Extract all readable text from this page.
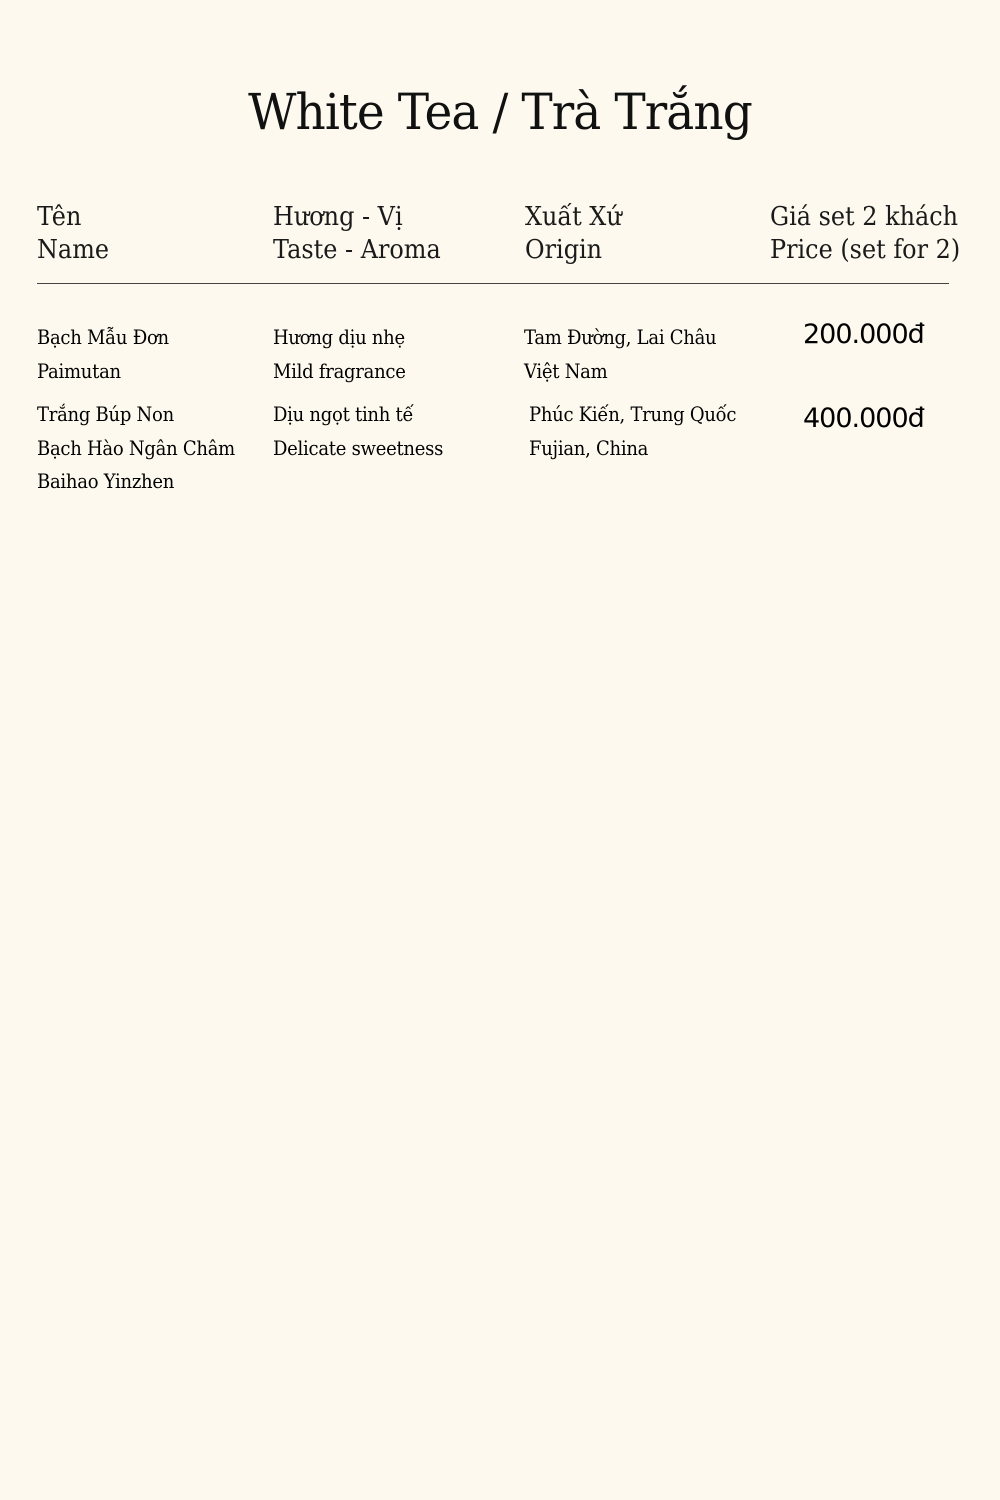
White Tea / Trà Trắng
Tên
Name
Hương - Vị
Taste - Aroma
Xuất Xứ
Origin
Giá set 2 khách
Price (set for 2)
Bạch Mẫu Đơn
Paimutan
Hương dịu nhẹ
Mild fragrance
Tam Đường, Lai Châu
Việt Nam
200.000đ
Trắng Búp Non
Bạch Hào Ngân Châm
Baihao Yinzhen
Dịu ngọt tinh tế
Delicate sweetness
Phúc Kiến, Trung Quốc
Fujian, China
400.000đ
